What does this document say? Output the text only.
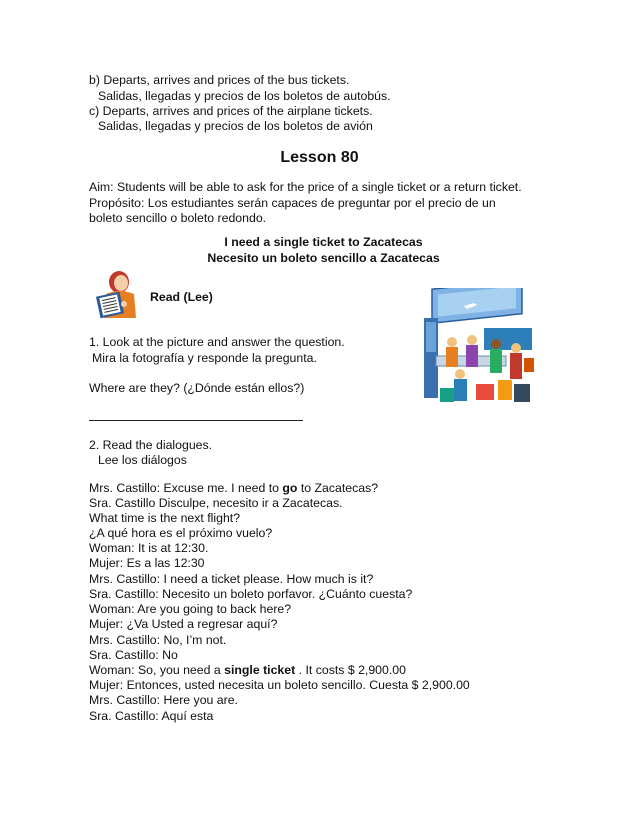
b) Departs, arrives and prices of the bus tickets.
Salidas, llegadas y precios de los boletos de autobús.
c) Departs, arrives and prices of the airplane tickets.
Salidas, llegadas y precios de los boletos de avión
Lesson 80
Aim: Students will be able to ask for the price of a single ticket or a return ticket.
Propósito: Los estudiantes serán capaces de preguntar por el precio de un
boleto sencillo o boleto redondo.
I need a single ticket to Zacatecas
Necesito un boleto sencillo a Zacatecas
Read (Lee)
1. Look at the picture and answer the question.
Mira la fotografía y responde la pregunta.
Where are they? (¿Dónde están ellos?)
2. Read the dialogues.
Lee los diálogos
Mrs. Castillo: Excuse me. I need to go to Zacatecas?
Sra. Castillo Disculpe, necesito ir a Zacatecas.
What time is the next flight?
¿A qué hora es el próximo vuelo?
Woman: It is at 12:30.
Mujer: Es a las 12:30
Mrs. Castillo: I need a ticket please. How much is it?
Sra. Castillo: Necesito un boleto porfavor. ¿Cuánto cuesta?
Woman: Are you going to back here?
Mujer: ¿Va Usted a regresar aquí?
Mrs. Castillo: No, I’m not.
Sra. Castillo: No
Woman: So, you need a single ticket . It costs $ 2,900.00
Mujer: Entonces, usted necesita un boleto sencillo. Cuesta $ 2,900.00
Mrs. Castillo: Here you are.
Sra. Castillo: Aquí esta
